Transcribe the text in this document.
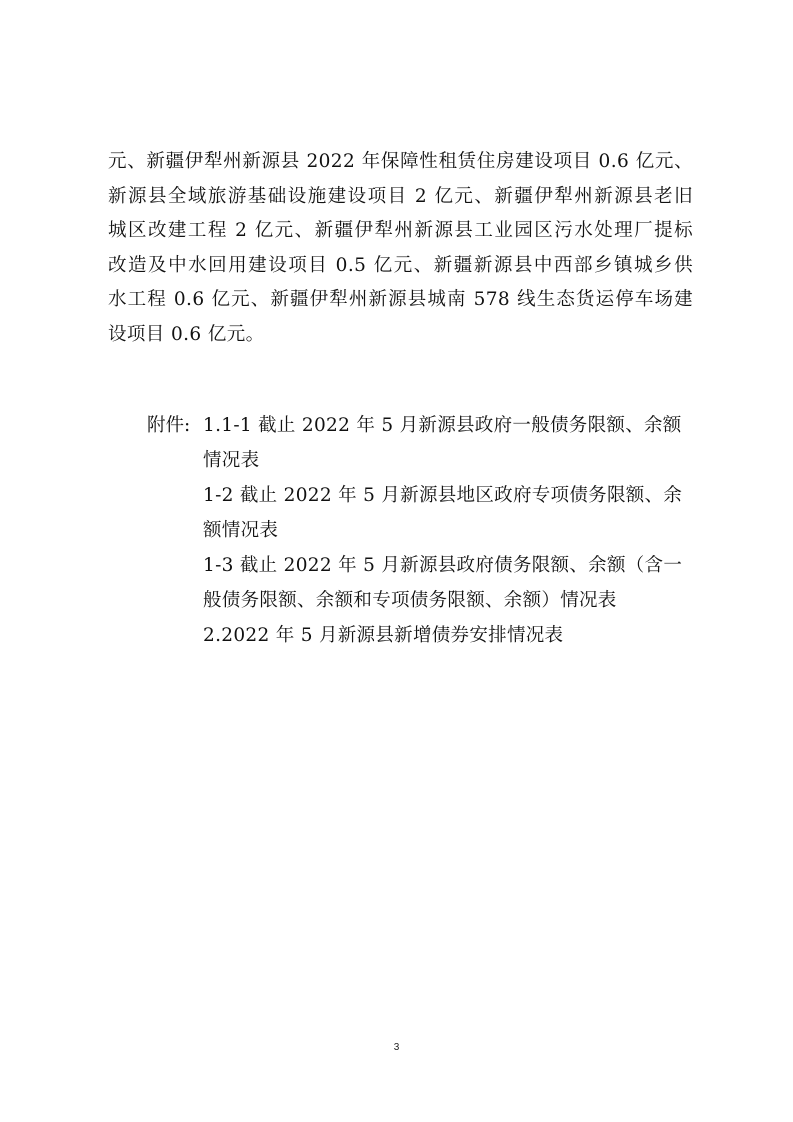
元、新疆伊犁州新源县 2022 年保障性租赁住房建设项目 0.6 亿元、
新源县全域旅游基础设施建设项目 2 亿元、新疆伊犁州新源县老旧
城区改建工程 2 亿元、新疆伊犁州新源县工业园区污水处理厂提标
改造及中水回用建设项目 0.5 亿元、新疆新源县中西部乡镇城乡供
水工程 0.6 亿元、新疆伊犁州新源县城南 578 线生态货运停车场建
设项目 0.6 亿元。
附件: 1.1-1 截止 2022 年 5 月新源县政府一般债务限额、余额
情况表
1-2 截止 2022 年 5 月新源县地区政府专项债务限额、余
额情况表
1-3 截止 2022 年 5 月新源县政府债务限额、余额（含一
般债务限额、余额和专项债务限额、余额）情况表
2.2022 年 5 月新源县新增债券安排情况表
3
